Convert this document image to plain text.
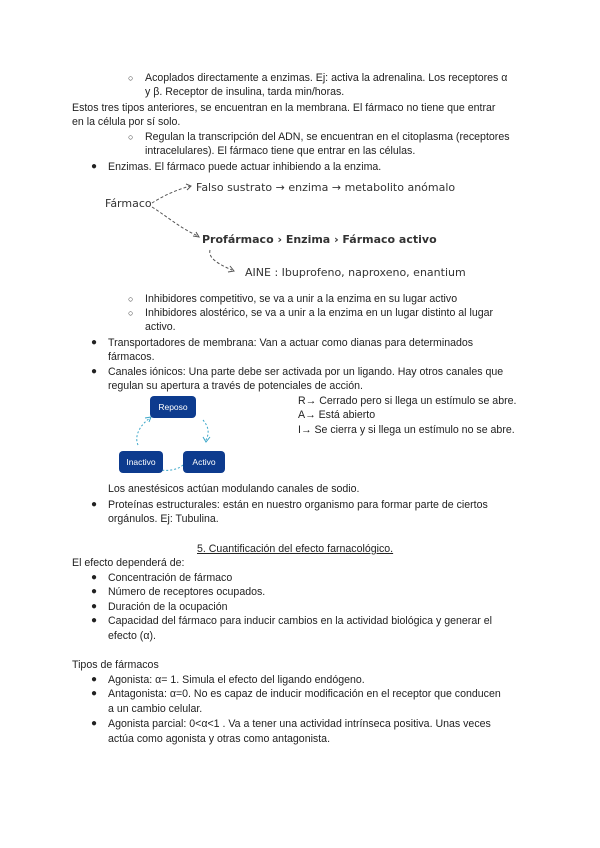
○ Acoplados directamente a enzimas. Ej: activa la adrenalina. Los receptores α
y β. Receptor de insulina, tarda min/horas.
Estos tres tipos anteriores, se encuentran en la membrana. El fármaco no tiene que entrar
en la célula por sí solo.
○ Regulan la transcripción del ADN, se encuentran en el citoplasma (receptores
intracelulares). El fármaco tiene que entrar en las células.
● Enzimas. El fármaco puede actuar inhibiendo a la enzima.
Fármaco
Falso sustrato → enzima → metabolito anómalo
Profármaco › Enzima › Fármaco activo
AINE : Ibuprofeno, naproxeno, enantium
○ Inhibidores competitivo, se va a unir a la enzima en su lugar activo
○ Inhibidores alostérico, se va a unir a la enzima en un lugar distinto al lugar
activo.
● Transportadores de membrana: Van a actuar como dianas para determinados
fármacos.
● Canales iónicos: Una parte debe ser activada por un ligando. Hay otros canales que
regulan su apertura a través de potenciales de acción.
Reposo
Inactivo	Activo
R→ Cerrado pero si llega un estímulo se abre.
A→ Está abierto
I→ Se cierra y si llega un estímulo no se abre.
Los anestésicos actúan modulando canales de sodio.
● Proteínas estructurales: están en nuestro organismo para formar parte de ciertos
orgánulos. Ej: Tubulina.
5. Cuantificación del efecto farnacológico.
El efecto dependerá de:
● Concentración de fármaco
● Número de receptores ocupados.
● Duración de la ocupación
● Capacidad del fármaco para inducir cambios en la actividad biológica y generar el
efecto (α).
Tipos de fármacos
● Agonista: α= 1. Simula el efecto del ligando endógeno.
● Antagonista: α=0. No es capaz de inducir modificación en el receptor que conducen
a un cambio celular.
● Agonista parcial: 0<α<1 . Va a tener una actividad intrínseca positiva. Unas veces
actúa como agonista y otras como antagonista.
